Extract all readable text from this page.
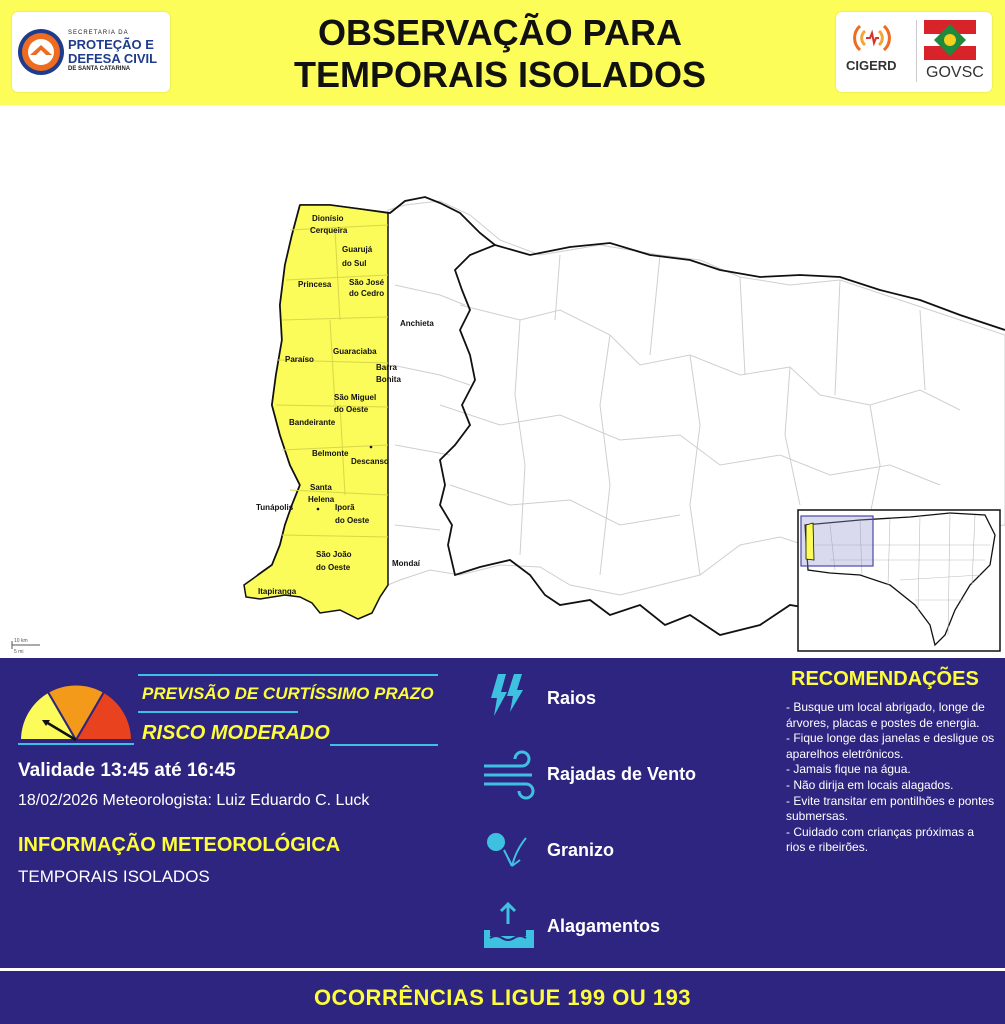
SECRETARIA DA
PROTEÇÃO E
DEFESA CIVIL
DE SANTA CATARINA
OBSERVAÇÃO PARA
TEMPORAIS ISOLADOS	CIGERD GOVSC
Dionísio
Cerqueira
Guarujá
do Sul
Princesa São José
do Cedro
Anchieta
Paraíso
Guaraciaba
Barra
Bonita
São Miguel
do Oeste
Bandeirante
Belmonte
Descanso
Santa
Helena
Tunápolis	Iporã
do Oeste
São João
do Oeste	Mondaí
Itapiranga
10 km
5 mi
PREVISÃO DE CURTÍSSIMO PRAZO
RISCO MODERADO
Validade 13:45 até 16:45
18/02/2026 Meteorologista: Luiz Eduardo C. Luck
INFORMAÇÃO METEOROLÓGICA
TEMPORAIS ISOLADOS
Raios
Rajadas de Vento
Granizo
Alagamentos
RECOMENDAÇÕES
- Busque um local abrigado, longe de árvores, placas e postes de energia.
- Fique longe das janelas e desligue os aparelhos eletrônicos.
- Jamais fique na água.
- Não dirija em locais alagados.
- Evite transitar em pontilhões e pontes submersas.
- Cuidado com crianças próximas a rios e ribeirões.
OCORRÊNCIAS LIGUE 199 OU 193
